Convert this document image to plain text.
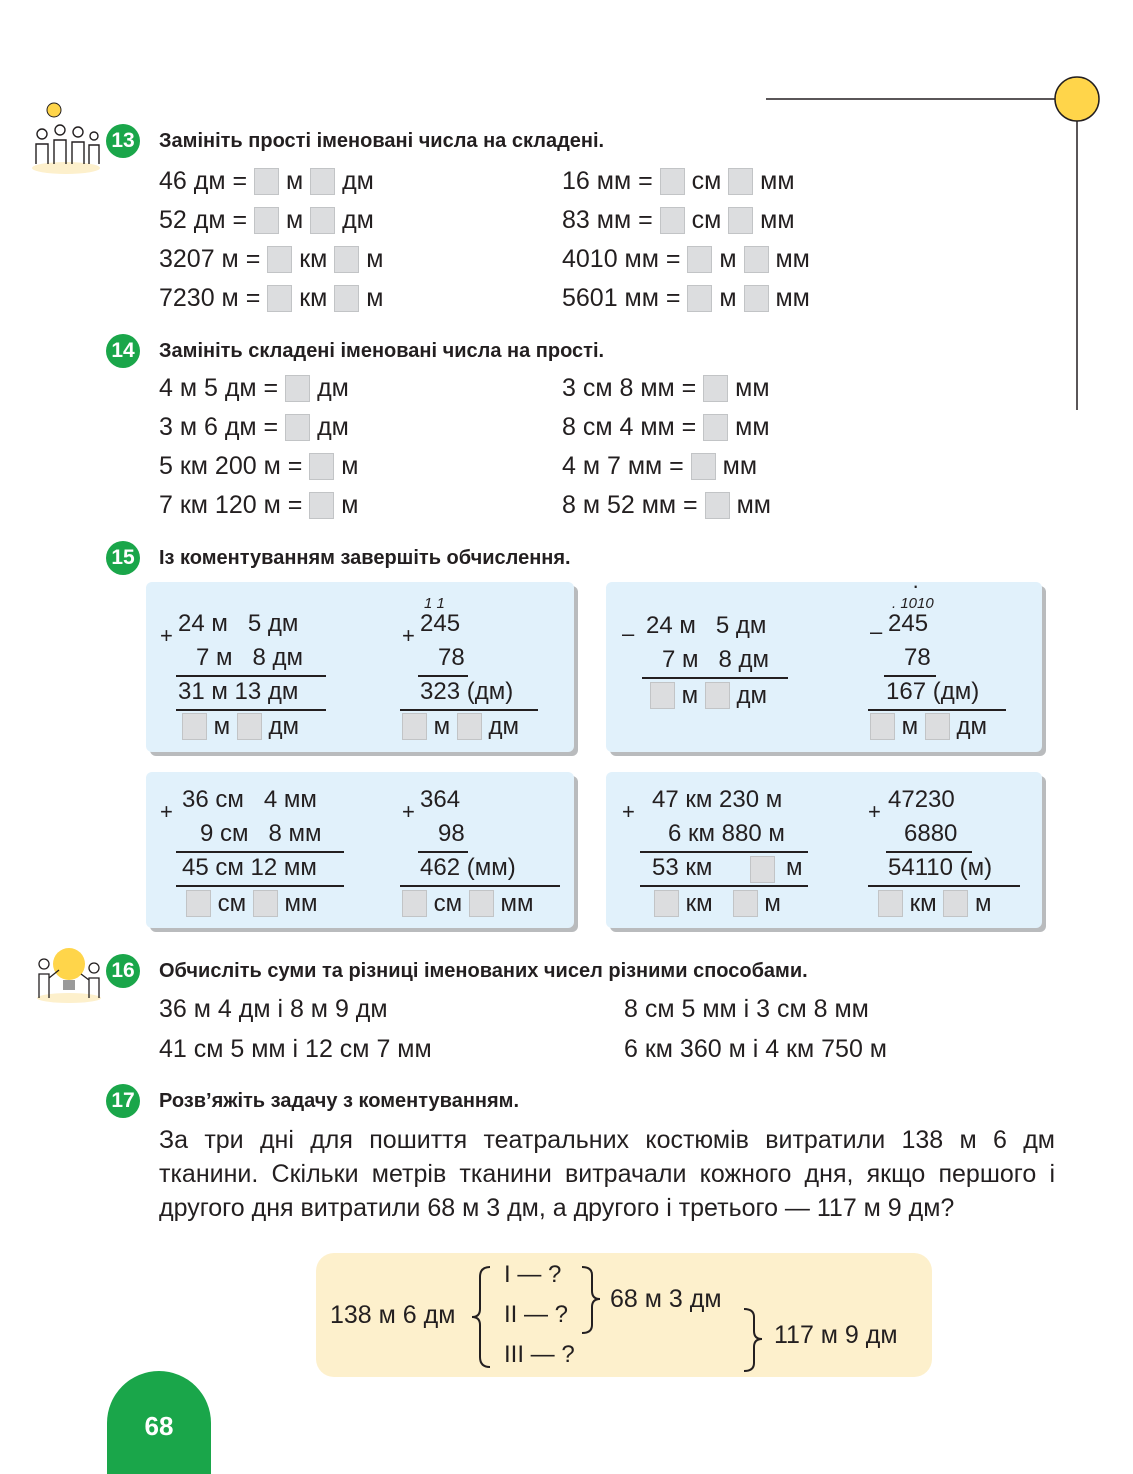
13 Замініть прості іменовані числа на складені.
46 дм =  м дм
52 дм =  м дм
3207 м =  км м
7230 м =  км м
16 мм =  см мм
83 мм =  см мм
4010 мм =  м мм
5601 мм =  м мм
14 Замініть складені іменовані числа на прості.
4 м 5 дм =  дм
3 м 6 дм =  дм
5 км 200 м =  м
7 км 120 м =  м
3 см 8 мм =  мм
8 см 4 мм =  мм
4 м 7 мм =  мм
8 м 52 мм =  мм
15 Із коментуванням завершіть обчислення.
+ 24 м   5 дм
7 м   8 дм
31 м 13 дм
м дм
1 1
+ 245
78
323 (дм)
м дм
– 24 м   5 дм
7 м   8 дм
м дм
·
. 1010
– 245
78
167 (дм)
м дм
+ 36 см   4 мм
9 см   8 мм
45 см 12 мм
см мм
+ 364
98
462 (мм)
см мм
+ 47 км 230 м
6 км 880 м
53 км	м
км м
+ 47230
6880
54110 (м)
км м
16 Обчисліть суми та різниці іменованих чисел різними способами.
36 м 4 дм і 8 м 9 дм	8 см 5 мм і 3 см 8 мм
41 см 5 мм і 12 см 7 мм	6 км 360 м і 4 км 750 м
17 Розв’яжіть задачу з коментуванням.
За три дні для пошиття театральних костюмів витратили 138 м 6 дм тканини. Скільки метрів тканини витрачали кожного дня, якщо першого і другого дня витратили 68 м 3 дм, а другого і третього — 117 м 9 дм?
138 м 6 дм
I — ?
II — ?
III — ?
68 м 3 дм
117 м 9 дм
68
